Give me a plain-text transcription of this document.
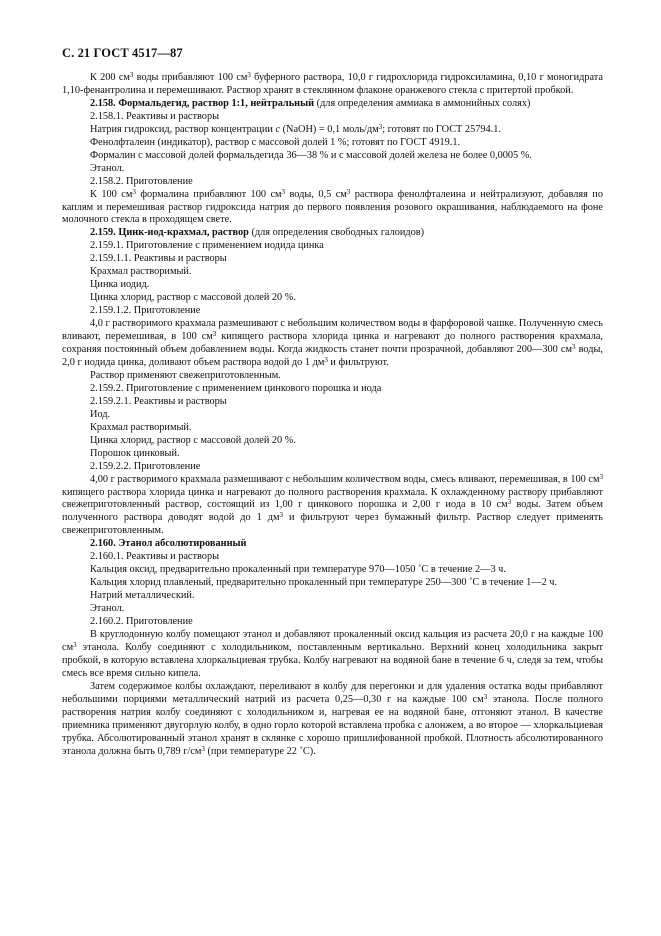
С. 21 ГОСТ 4517—87

К 200 $см^3$ воды прибавляют 100 $см^3$ буферного раствора, 10,0 г гидрохлорида гидроксиламина, 0,10 г моногидрата 1,10-фенантролина и перемешивают. Раствор хранят в стеклянном флаконе оранжевого стекла с притертой пробкой.

2.158. Формальдегид, раствор 1:1, нейтральный (для определения аммиака в аммонийных солях)

2.158.1. Реактивы и растворы

Натрия гидроксид, раствор концентрации c (NaOH) = 0,1 моль/$дм^3$; готовят по ГОСТ 25794.1.

Фенолфталеин (индикатор), раствор с массовой долей 1 %; готовят по ГОСТ 4919.1.

Формалин с массовой долей формальдегида 36—38 % и с массовой долей железа не более 0,0005 %.

Этанол.

2.158.2. Приготовление

К 100 $см^3$ формалина прибавляют 100 $см^3$ воды, 0,5 $см^3$ раствора фенолфталеина и нейтрализуют, добавляя по каплям и перемешивая раствор гидроксида натрия до первого появления розового окрашивания, наблюдаемого на фоне молочного стекла в проходящем свете.

2.159. Цинк-иод-крахмал, раствор (для определения свободных галоидов)

2.159.1. Приготовление с применением иодида цинка

2.159.1.1. Реактивы и растворы

Крахмал растворимый.

Цинка иодид.

Цинка хлорид, раствор с массовой долей 20 %.

2.159.1.2. Приготовление

4,0 г растворимого крахмала размешивают с небольшим количеством воды в фарфоровой чашке. Полученную смесь вливают, перемешивая, в 100 $см^3$ кипящего раствора хлорида цинка и нагревают до полного растворения крахмала, сохраняя постоянный объем добавлением воды. Когда жидкость станет почти прозрачной, добавляют 200—300 $см^3$ воды, 2,0 г иодида цинка, доливают объем раствора водой до 1 $дм^3$ и фильтруют.

Раствор применяют свежеприготовленным.

2.159.2. Приготовление с применением цинкового порошка и иода

2.159.2.1. Реактивы и растворы

Иод.

Крахмал растворимый.

Цинка хлорид, раствор с массовой долей 20 %.

Порошок цинковый.

2.159.2.2. Приготовление

4,00 г растворимого крахмала размешивают с небольшим количеством воды, смесь вливают, перемешивая, в 100 $см^3$ кипящего раствора хлорида цинка и нагревают до полного растворения крахмала. К охлажденному раствору прибавляют свежеприготовленный раствор, состоящий из 1,00 г цинкового порошка и 2,00 г иода в 10 $см^3$ воды. Затем объем полученного раствора доводят водой до 1 $дм^3$ и фильтруют через бумажный фильтр. Раствор следует применять свежеприготовленным.

2.160. Этанол абсолютированный

2.160.1. Реактивы и растворы

Кальция оксид, предварительно прокаленный при температуре 970—1050 ˚С в течение 2—3 ч.

Кальция хлорид плавленый, предварительно прокаленный при температуре 250—300 ˚С в течение 1—2 ч.

Натрий металлический.

Этанол.

2.160.2. Приготовление

В круглодонную колбу помещают этанол и добавляют прокаленный оксид кальция из расчета 20,0 г на каждые 100 $см^3$ этанола. Колбу соединяют с холодильником, поставленным вертикально. Верхний конец холодильника закрыт пробкой, в которую вставлена хлоркальциевая трубка. Колбу нагревают на водяной бане в течение 6 ч, следя за тем, чтобы смесь все время сильно кипела.

Затем содержимое колбы охлаждают, переливают в колбу для перегонки и для удаления остатка воды прибавляют небольшими порциями металлический натрий из расчета 0,25—0,30 г на каждые 100 $см^3$ этанола. После полного растворения натрия колбу соединяют с холодильником и, нагревая ее на водяной бане, отгоняют этанол. В качестве приемника применяют двугорлую колбу, в одно горло которой вставлена пробка с алонжем, а во второе — хлоркальциевая трубка. Абсолютированный этанол хранят в склянке с хорошо пришлифованной пробкой. Плотность абсолютированного этанола должна быть 0,789 $г/см^3$ (при температуре 22 ˚С).
